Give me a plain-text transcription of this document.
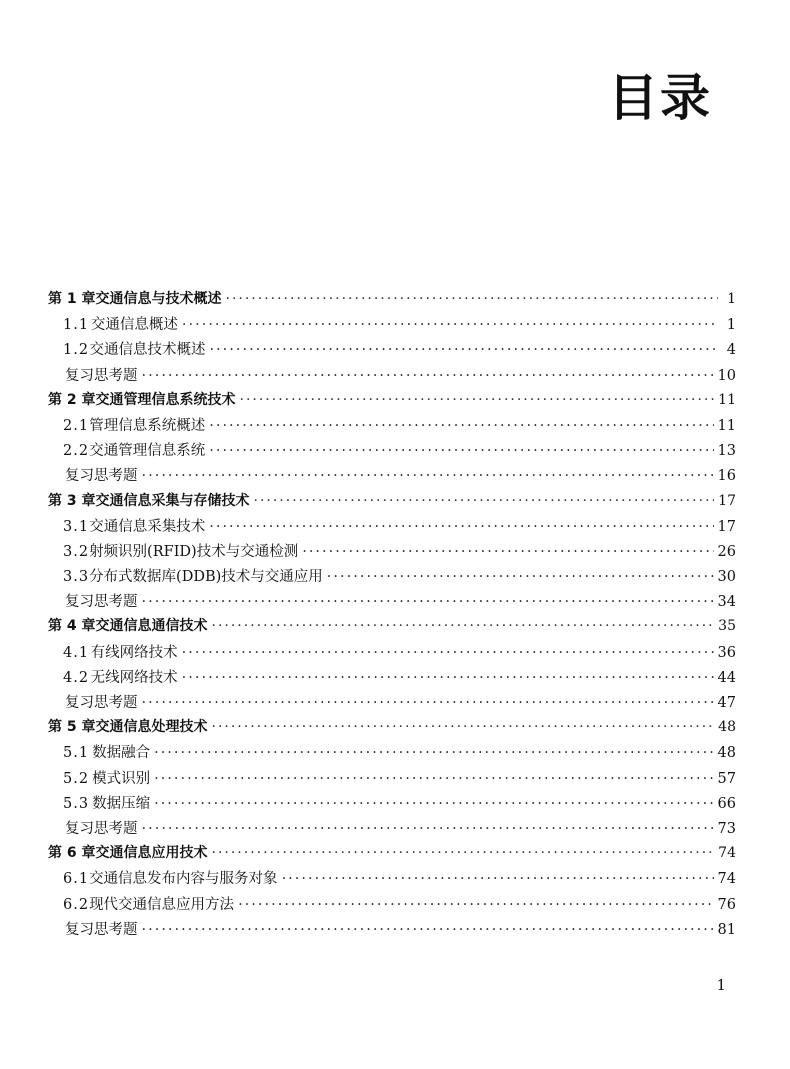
目录
第 1 章 交通信息与技术概述 ·····	1
1.1 交通信息概述 ·····	1
1.2 交通信息技术概述 ·····	4
复习思考题 ·····	10
第 2 章 交通管理信息系统技术 ·····	11
2.1 管理信息系统概述 ·····	11
2.2 交通管理信息系统 ·····	13
复习思考题 ·····	16
第 3 章 交通信息采集与存储技术 ·····	17
3.1 交通信息采集技术 ·····	17
3.2 射频识别(RFID)技术与交通检测 ·····	26
3.3 分布式数据库(DDB)技术与交通应用 ·····	30
复习思考题 ·····	34
第 4 章 交通信息通信技术 ·····	35
4.1 有线网络技术 ·····	36
4.2 无线网络技术 ·····	44
复习思考题 ·····	47
第 5 章 交通信息处理技术 ·····	48
5.1 数据融合 ·····	48
5.2 模式识别 ·····	57
5.3 数据压缩 ·····	66
复习思考题 ·····	73
第 6 章 交通信息应用技术 ·····	74
6.1 交通信息发布内容与服务对象 ·····	74
6.2 现代交通信息应用方法 ·····	76
复习思考题 ·····	81
1
